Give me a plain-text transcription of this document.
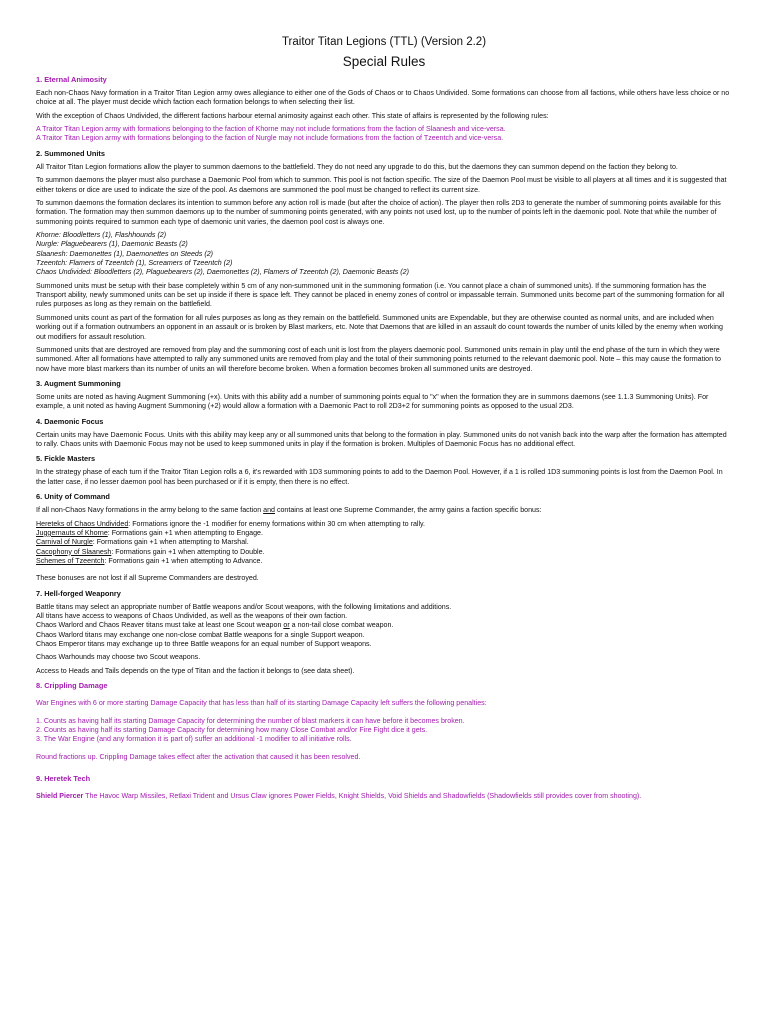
Traitor Titan Legions (TTL) (Version 2.2)
Special Rules
1. Eternal Animosity
Each non-Chaos Navy formation in a Traitor Titan Legion army owes allegiance to either one of the Gods of Chaos or to Chaos Undivided. Some formations can choose from all factions, while others have less choice or no choice at all. The player must decide which faction each formation belongs to when selecting their list.
With the exception of Chaos Undivided, the different factions harbour eternal animosity against each other. This state of affairs is represented by the following rules:
A Traitor Titan Legion army with formations belonging to the faction of Khorne may not include formations from the faction of Slaanesh and vice-versa.
A Traitor Titan Legion army with formations belonging to the faction of Nurgle may not include formations from the faction of Tzeentch and vice-versa.
2. Summoned Units
All Traitor Titan Legion formations allow the player to summon daemons to the battlefield. They do not need any upgrade to do this, but the daemons they can summon depend on the faction they belong to.
To summon daemons the player must also purchase a Daemonic Pool from which to summon. This pool is not faction specific. The size of the Daemon Pool must be visible to all players at all times and it is suggested that either tokens or dice are used to indicate the size of the pool. As daemons are summoned the pool must be changed to reflect its current size.
To summon daemons the formation declares its intention to summon before any action roll is made (but after the choice of action). The player then rolls 2D3 to generate the number of summoning points available for this formation. The formation may then summon daemons up to the number of summoning points generated, with any points not used lost, up to the number of points left in the daemonic pool. Note that while the number of summoning points required to summon each type of daemonic unit varies, the daemon pool cost is always one.
Khorne: Bloodletters (1), Flashhounds (2)
Nurgle: Plaguebearers (1), Daemonic Beasts (2)
Slaanesh: Daemonettes (1), Daemonettes on Steeds (2)
Tzeentch: Flamers of Tzeentch (1), Screamers of Tzeentch (2)
Chaos Undivided: Bloodletters (2), Plaguebearers (2), Daemonettes (2), Flamers of Tzeentch (2), Daemonic Beasts (2)
Summoned units must be setup with their base completely within 5 cm of any non-summoned unit in the summoning formation (i.e. You cannot place a chain of summoned units). If the summoning formation has the Transport ability, newly summoned units can be set up inside if there is space left. They cannot be placed in enemy zones of control or impassable terrain. Summoned units become part of the summoning formation for all rules purposes as long as they remain on the battlefield.
Summoned units count as part of the formation for all rules purposes as long as they remain on the battlefield. Summoned units are Expendable, but they are otherwise counted as normal units, and are included when working out if a formation outnumbers an opponent in an assault or is broken by Blast markers, etc. Note that Daemons that are killed in an assault do count towards the number of units killed by the enemy when working out modifiers for assault resolution.
Summoned units that are destroyed are removed from play and the summoning cost of each unit is lost from the players daemonic pool. Summoned units remain in play until the end phase of the turn in which they were summoned. After all formations have attempted to rally any summoned units are removed from play and the total of their summoning points returned to the relevant daemonic pool. Note – this may cause the formation to now have more blast markers than its number of units an will therefore become broken. When a formation becomes broken all summoned units are destroyed.
3. Augment Summoning
Some units are noted as having Augment Summoning (+x). Units with this ability add a number of summoning points equal to "x" when the formation they are in summons daemons (see 1.1.3 Summoning Units). For example, a unit noted as having Augment Summoning (+2) would allow a formation with a Daemonic Pact to roll 2D3+2 for summoning points as opposed to the usual 2D3.
4. Daemonic Focus
Certain units may have Daemonic Focus. Units with this ability may keep any or all summoned units that belong to the formation in play. Summoned units do not vanish back into the warp after the formation has attempted to rally. Chaos units with Daemonic Focus may not be used to keep summoned units in play if the formation is broken. Multiples of Daemonic Focus has no additional effect.
5. Fickle Masters
In the strategy phase of each turn if the Traitor Titan Legion rolls a 6, it's rewarded with 1D3 summoning points to add to the Daemon Pool. However, if a 1 is rolled 1D3 summoning points is lost from the Daemon Pool. In the latter case, if no lesser daemon pool has been purchased or if it is empty, then there is no effect.
6. Unity of Command
If all non-Chaos Navy formations in the army belong to the same faction and contains at least one Supreme Commander, the army gains a faction specific bonus:
Hereteks of Chaos Undivided: Formations ignore the -1 modifier for enemy formations within 30 cm when attempting to rally.
Juggernauts of Khorne: Formations gain +1 when attempting to Engage.
Carnival of Nurgle: Formations gain +1 when attempting to Marshal.
Cacophony of Slaanesh: Formations gain +1 when attempting to Double.
Schemes of Tzeentch: Formations gain +1 when attempting to Advance.
These bonuses are not lost if all Supreme Commanders are destroyed.
7. Hell-forged Weaponry
Battle titans may select an appropriate number of Battle weapons and/or Scout weapons, with the following limitations and additions.
All titans have access to weapons of Chaos Undivided, as well as the weapons of their own faction.
Chaos Warlord and Chaos Reaver titans must take at least one Scout weapon or a non-tail close combat weapon.
Chaos Warlord titans may exchange one non-close combat Battle weapons for a single Support weapon.
Chaos Emperor titans may exchange up to three Battle weapons for an equal number of Support weapons.
Chaos Warhounds may choose two Scout weapons.
Access to Heads and Tails depends on the type of Titan and the faction it belongs to (see data sheet).
8. Crippling Damage
War Engines with 6 or more starting Damage Capacity that has less than half of its starting Damage Capacity left suffers the following penalties:
1. Counts as having half its starting Damage Capacity for determining the number of blast markers it can have before it becomes broken.
2. Counts as having half its starting Damage Capacity for determining how many Close Combat and/or Fire Fight dice it gets.
3. The War Engine (and any formation it is part of) suffer an additional -1 modifier to all initiative rolls.
Round fractions up. Crippling Damage takes effect after the activation that caused it has been resolved.
9. Heretek Tech
Shield Piercer The Havoc Warp Missiles, Retlaxi Trident and Ursus Claw ignores Power Fields, Knight Shields, Void Shields and Shadowfields (Shadowfields still provides cover from shooting).
